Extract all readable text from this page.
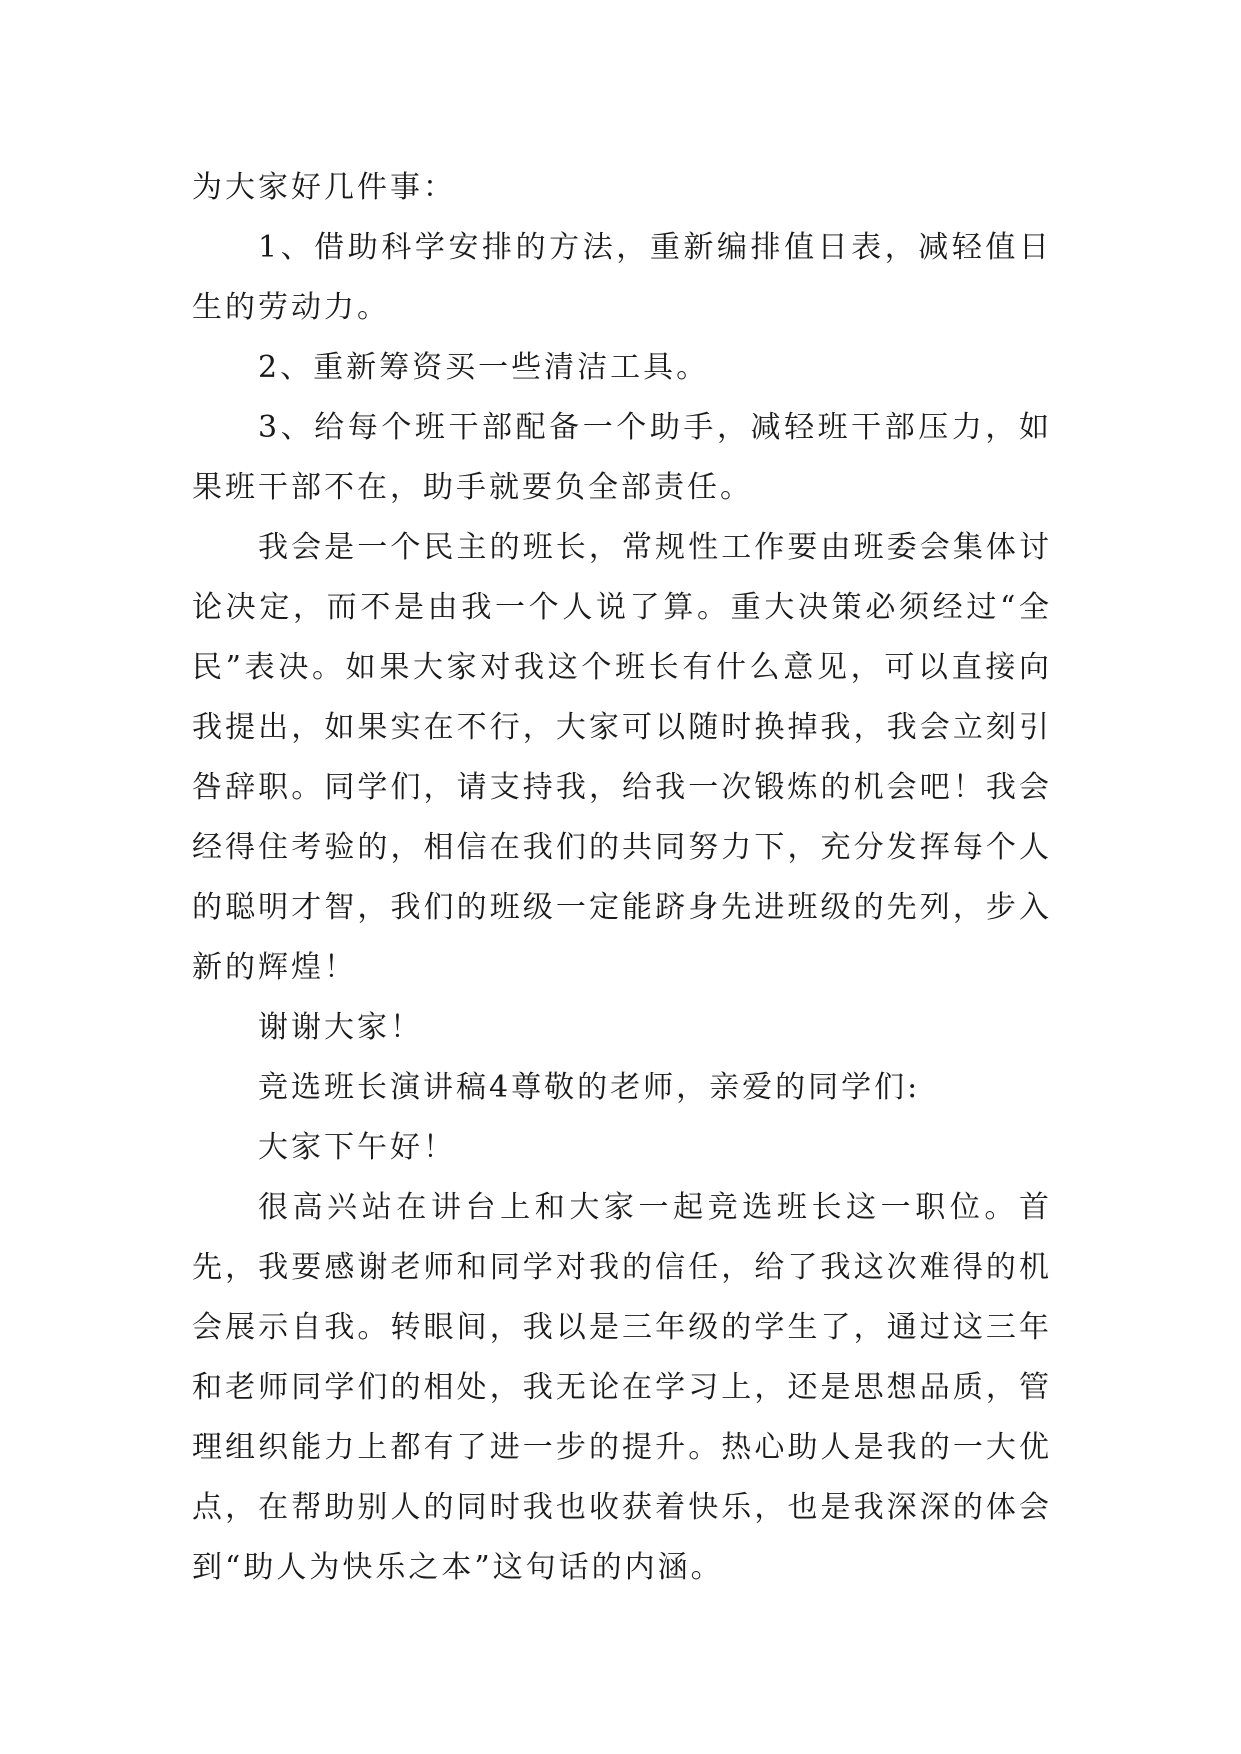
为大家好几件事：

1、借助科学安排的方法，重新编排值日表，减轻值日生的劳动力。

2、重新筹资买一些清洁工具。

3、给每个班干部配备一个助手，减轻班干部压力，如果班干部不在，助手就要负全部责任。

我会是一个民主的班长，常规性工作要由班委会集体讨论决定，而不是由我一个人说了算。重大决策必须经过“全民”表决。如果大家对我这个班长有什么意见，可以直接向我提出，如果实在不行，大家可以随时换掉我，我会立刻引咎辞职。同学们，请支持我，给我一次锻炼的机会吧！我会经得住考验的，相信在我们的共同努力下，充分发挥每个人的聪明才智，我们的班级一定能跻身先进班级的先列，步入新的辉煌！

谢谢大家！

竞选班长演讲稿4尊敬的老师，亲爱的同学们:

大家下午好！

很高兴站在讲台上和大家一起竞选班长这一职位。首先，我要感谢老师和同学对我的信任，给了我这次难得的机会展示自我。转眼间，我以是三年级的学生了，通过这三年和老师同学们的相处，我无论在学习上，还是思想品质，管理组织能力上都有了进一步的提升。热心助人是我的一大优点，在帮助别人的同时我也收获着快乐，也是我深深的体会到“助人为快乐之本”这句话的内涵。
